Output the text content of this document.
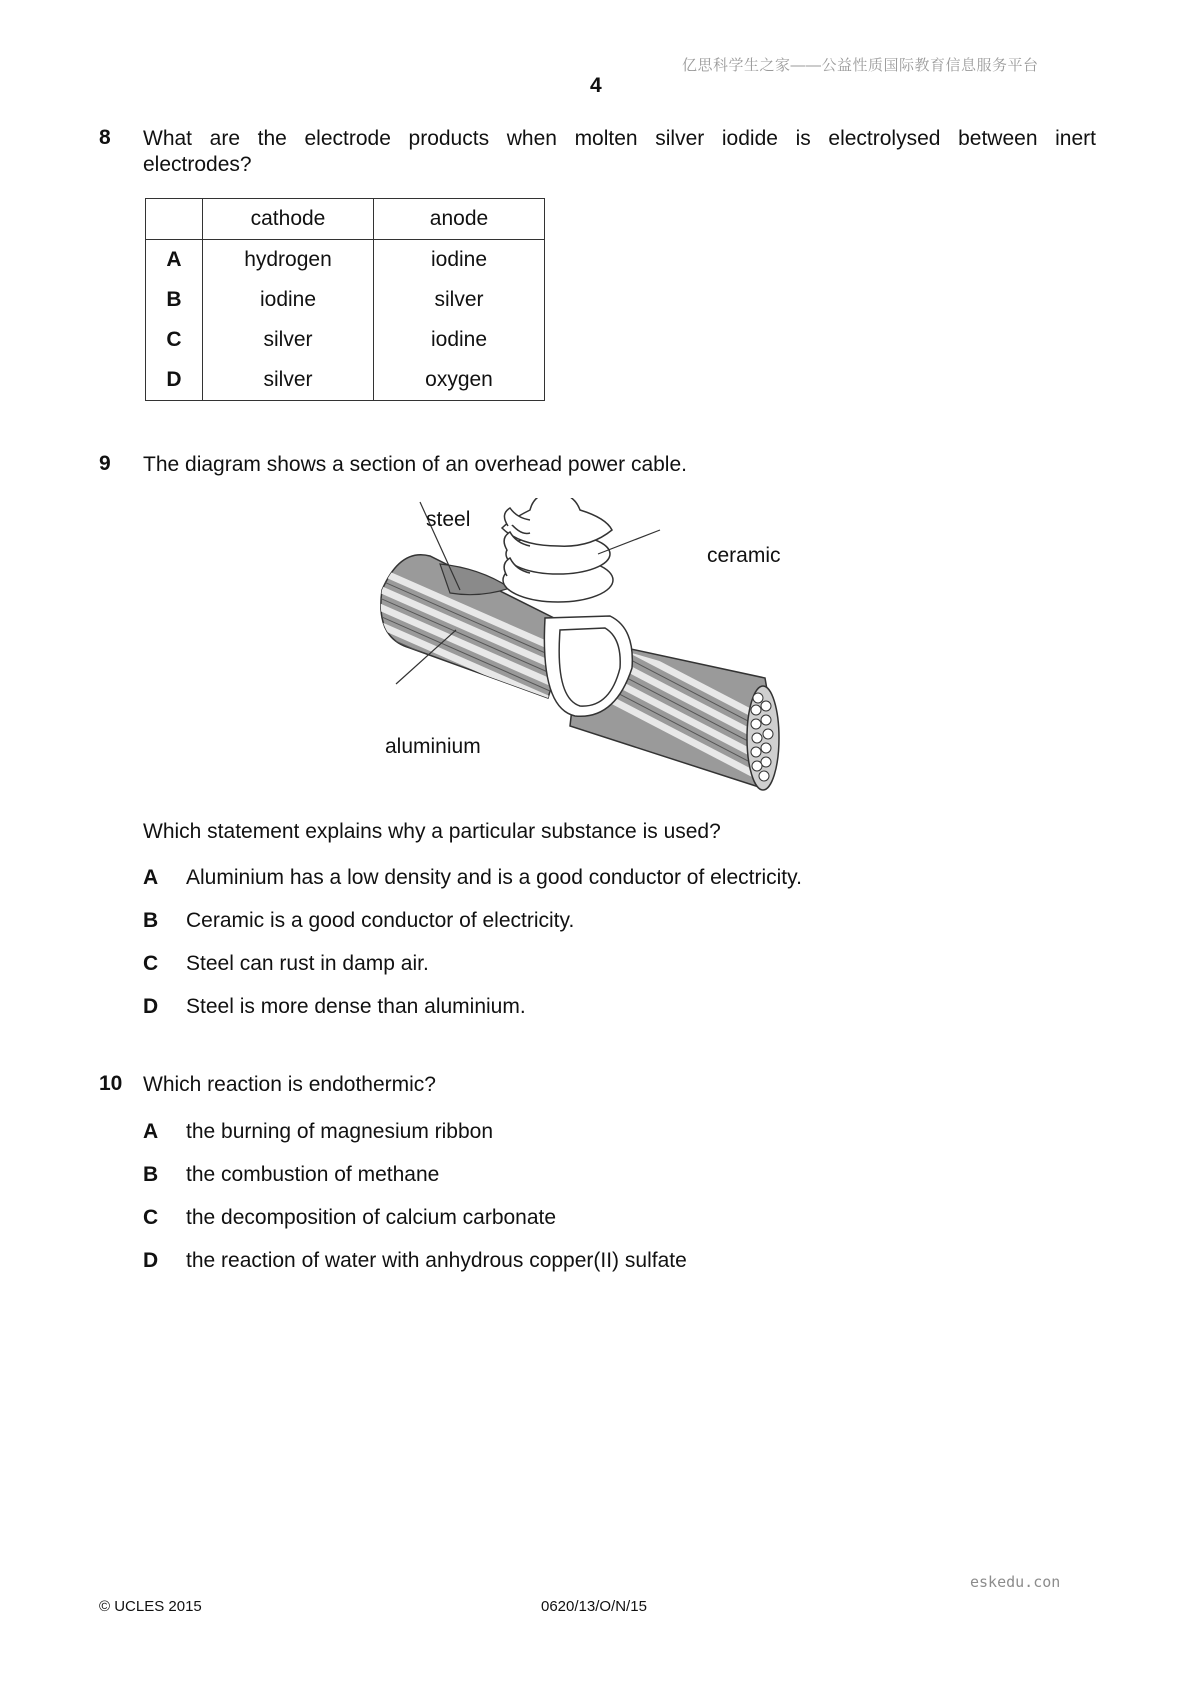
亿思科学生之家——公益性质国际教育信息服务平台
4
8 What are the electrode products when molten silver iodide is electrolysed between inert
electrodes?
	cathode	anode
A	hydrogen	iodine
B	iodine	silver
C	silver	iodine
D	silver	oxygen
9 The diagram shows a section of an overhead power cable.
steel
ceramic
aluminium
Which statement explains why a particular substance is used?
A	Aluminium has a low density and is a good conductor of electricity.
B	Ceramic is a good conductor of electricity.
C	Steel can rust in damp air.
D	Steel is more dense than aluminium.
10 Which reaction is endothermic?
A	the burning of magnesium ribbon
B	the combustion of methane
C	the decomposition of calcium carbonate
D	the reaction of water with anhydrous copper(II) sulfate
eskedu.con
© UCLES 2015	0620/13/O/N/15
